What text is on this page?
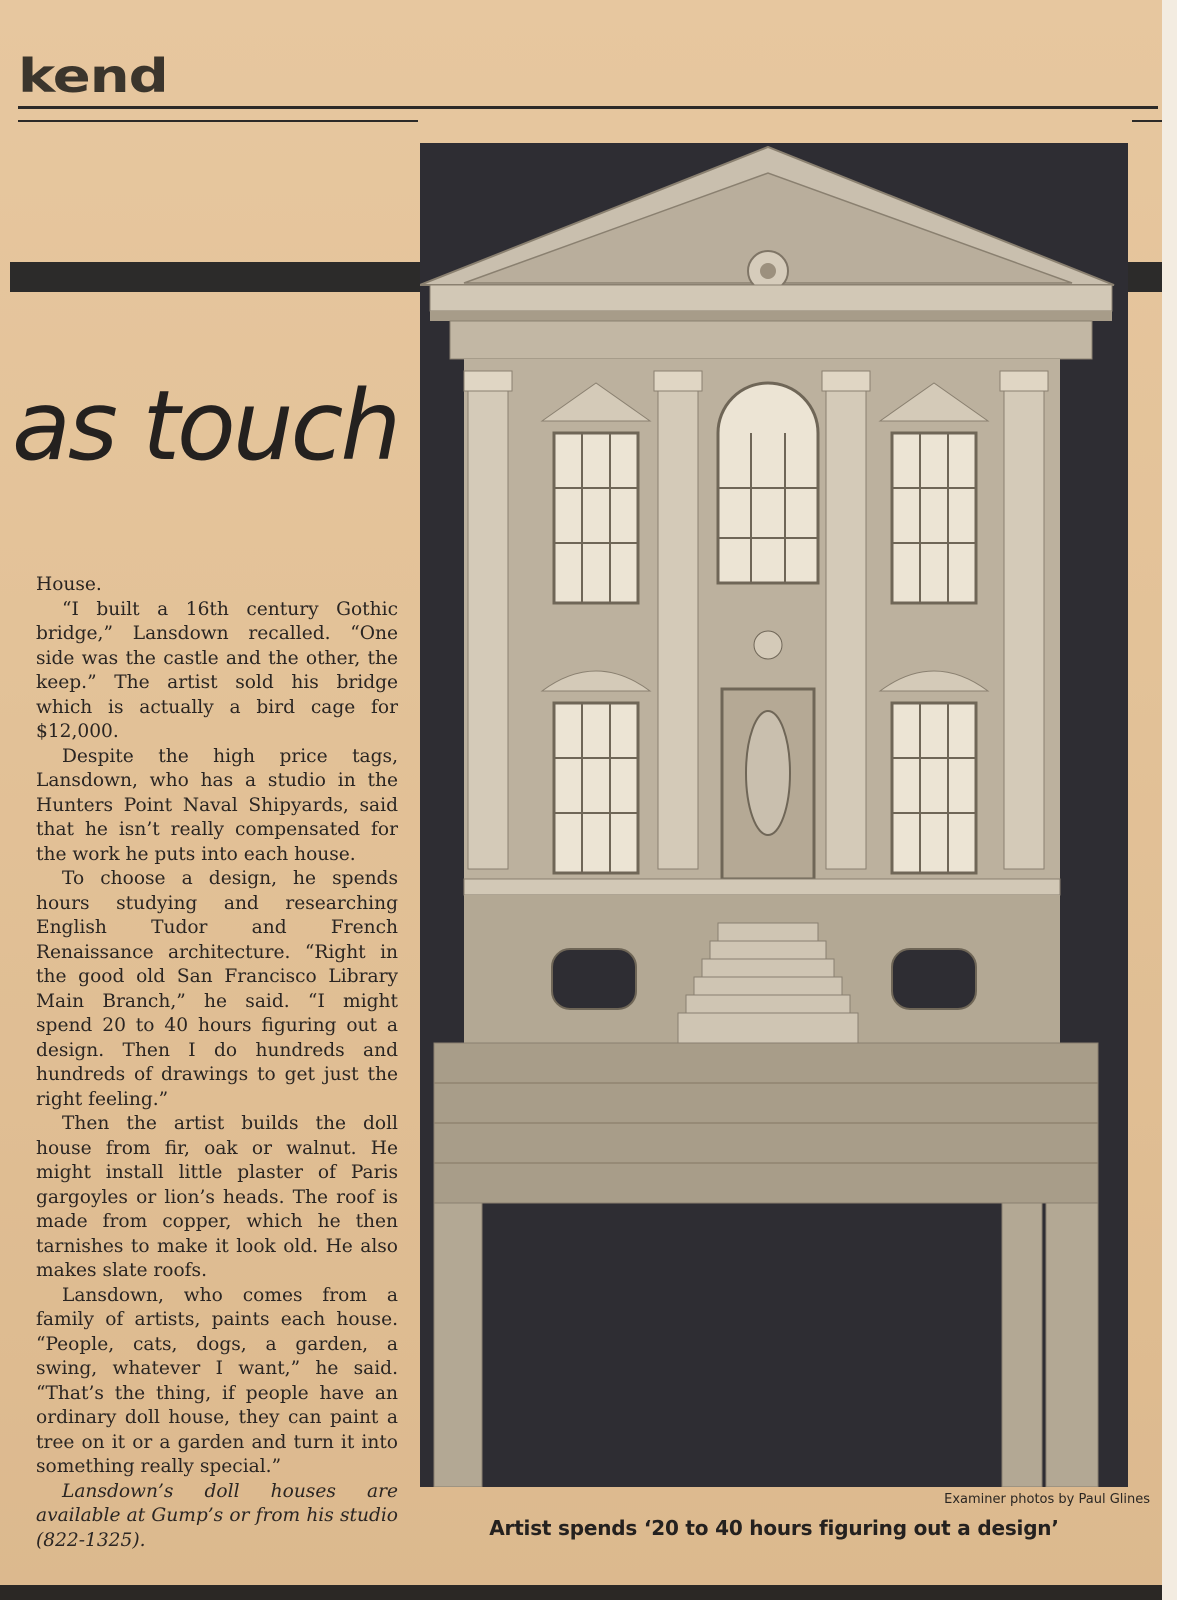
kend
as touch

House.

“I built a 16th century Gothic bridge,” Lansdown recalled. “One side was the castle and the other, the keep.” The artist sold his bridge which is actually a bird cage for $12,000.

Despite the high price tags, Lansdown, who has a studio in the Hunters Point Naval Shipyards, said that he isn’t really compensated for the work he puts into each house.

To choose a design, he spends hours studying and researching English Tudor and French Renaissance architecture. “Right in the good old San Francisco Library Main Branch,” he said. “I might spend 20 to 40 hours figuring out a design. Then I do hundreds and hundreds of drawings to get just the right feeling.”

Then the artist builds the doll house from fir, oak or walnut. He might install little plaster of Paris gargoyles or lion’s heads. The roof is made from copper, which he then tarnishes to make it look old. He also makes slate roofs.

Lansdown, who comes from a family of artists, paints each house. “People, cats, dogs, a garden, a swing, whatever I want,” he said. “That’s the thing, if people have an ordinary doll house, they can paint a tree on it or a garden and turn it into something really special.”

Lansdown’s doll houses are available at Gump’s or from his studio (822-1325).

Examiner photos by Paul Glines
Artist spends ‘20 to 40 hours figuring out a design’
